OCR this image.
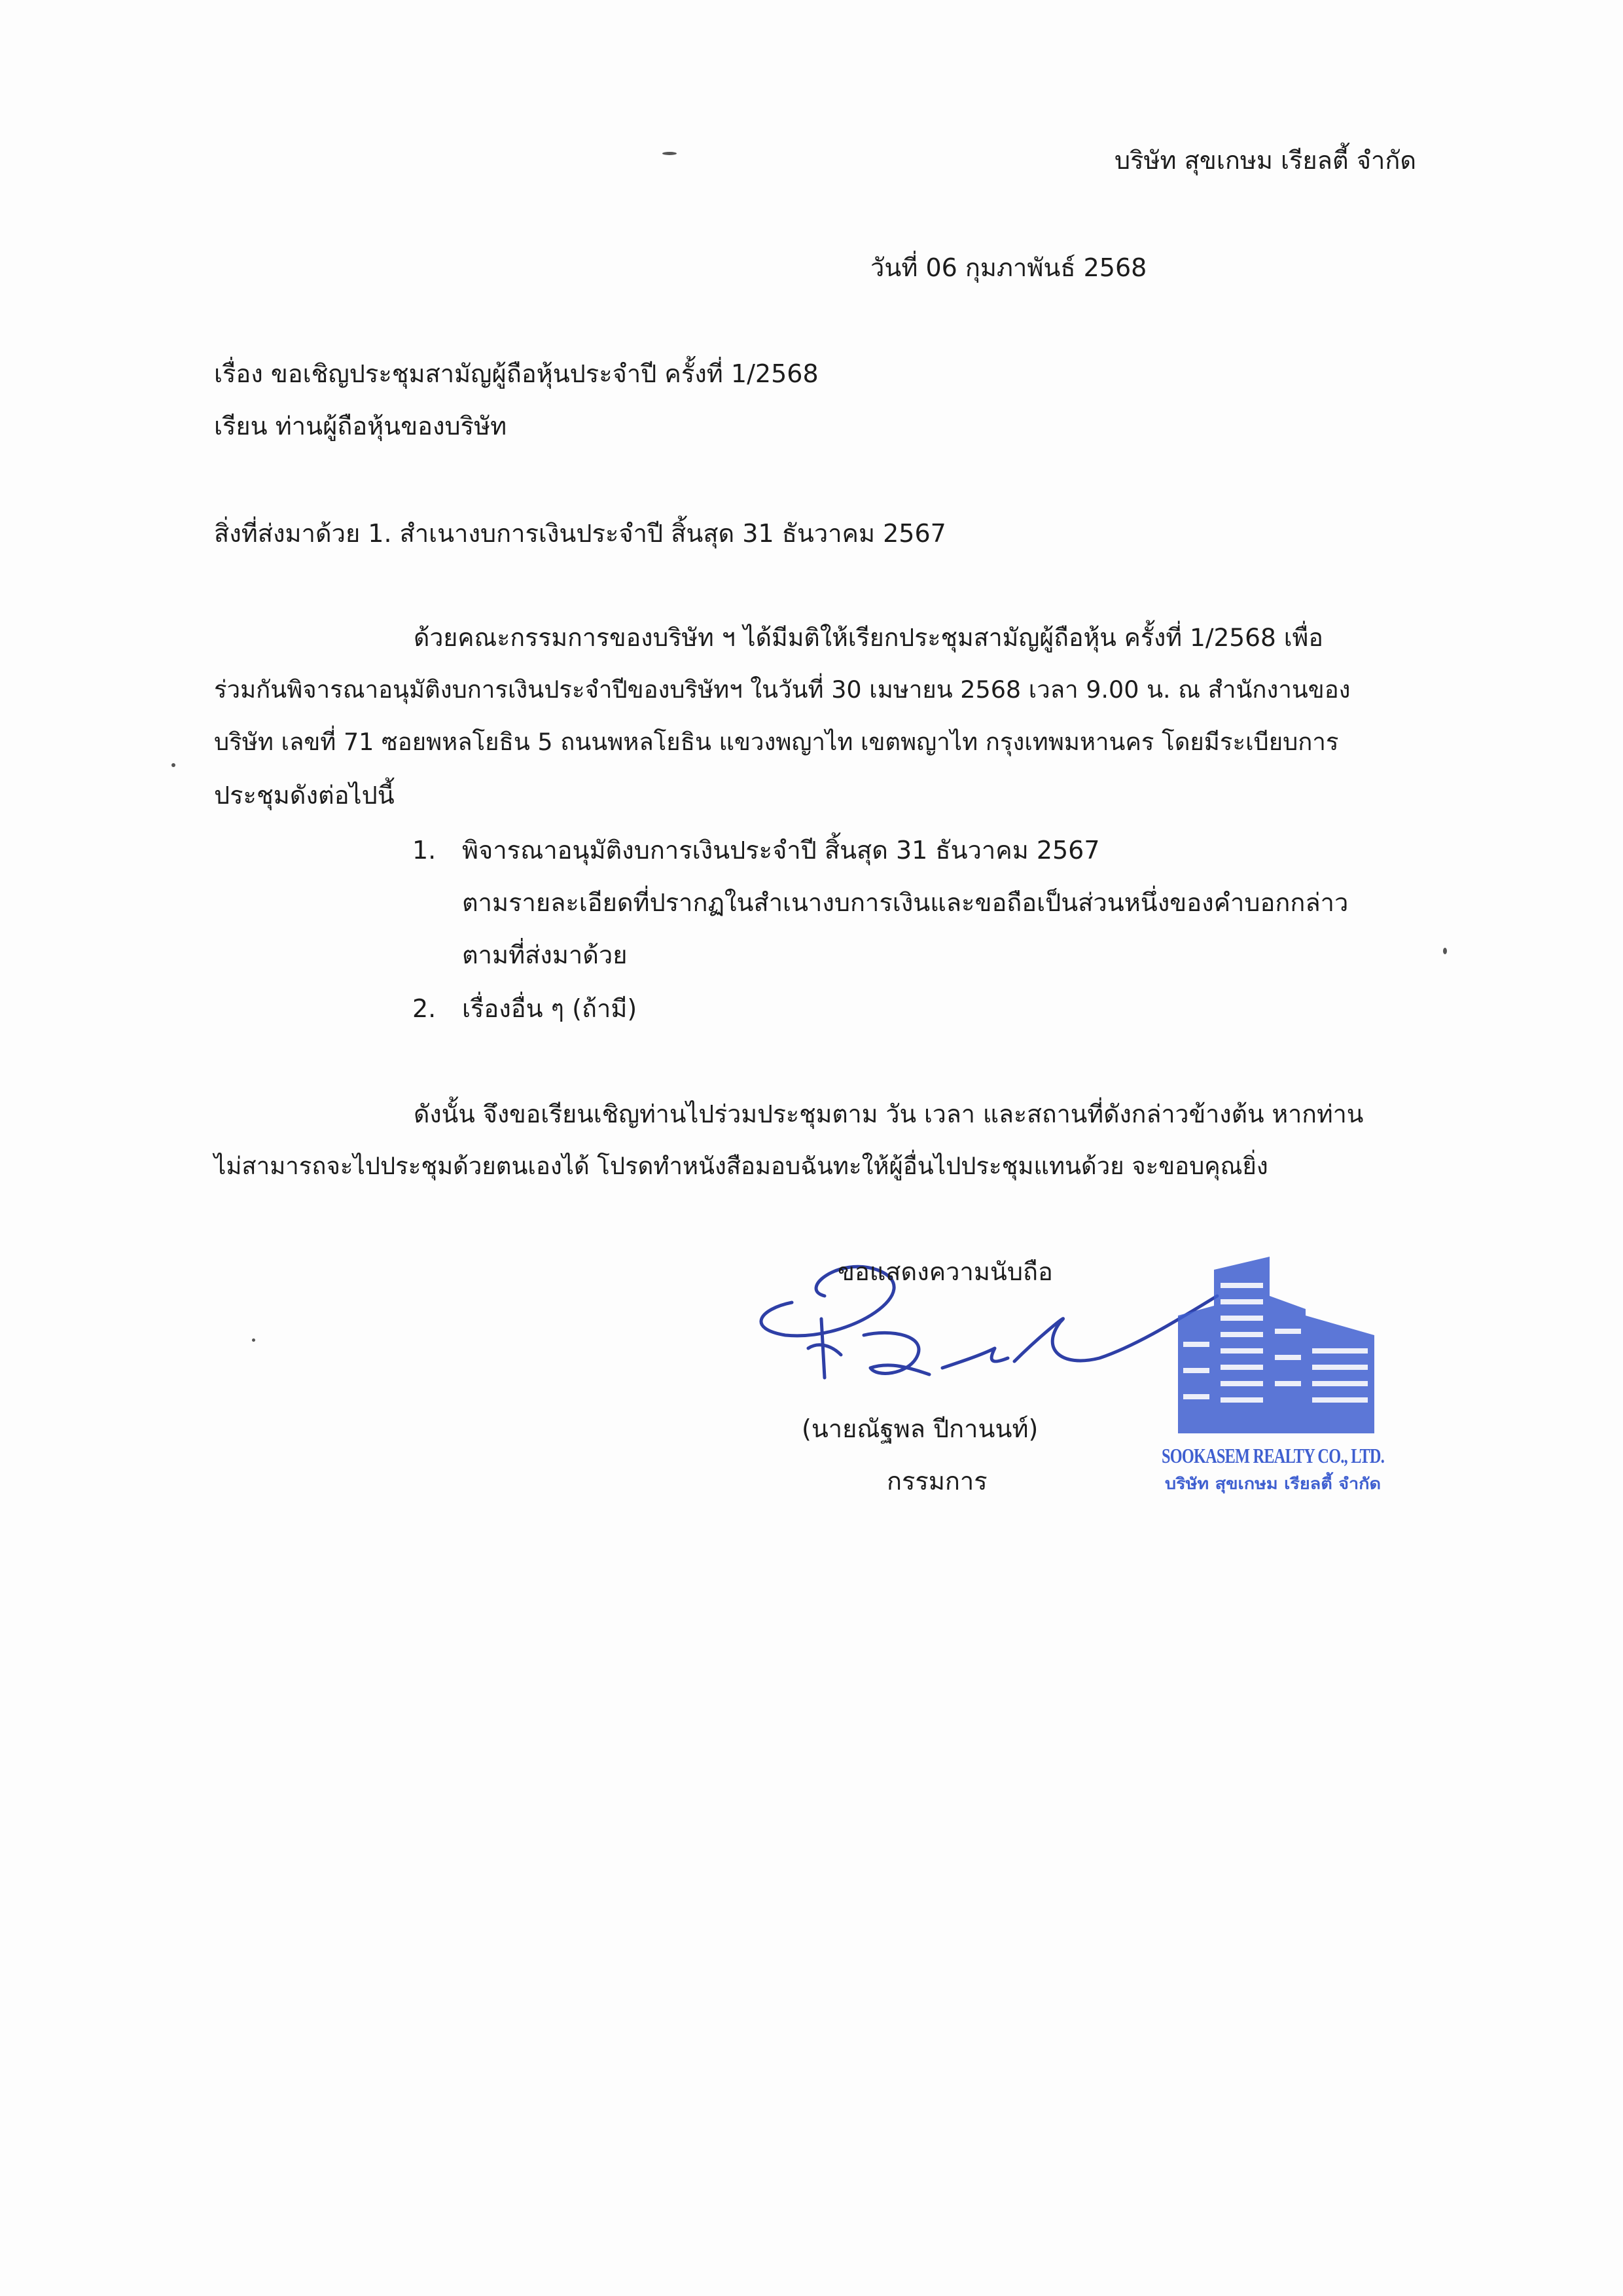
บริษัท สุขเกษม เรียลตี้ จำกัด
วันที่ 06 กุมภาพันธ์ 2568
เรื่อง ขอเชิญประชุมสามัญผู้ถือหุ้นประจำปี ครั้งที่ 1/2568
เรียน ท่านผู้ถือหุ้นของบริษัท
สิ่งที่ส่งมาด้วย 1. สำเนางบการเงินประจำปี สิ้นสุด 31 ธันวาคม 2567
ด้วยคณะกรรมการของบริษัท ฯ ได้มีมติให้เรียกประชุมสามัญผู้ถือหุ้น ครั้งที่ 1/2568 เพื่อ
ร่วมกันพิจารณาอนุมัติงบการเงินประจำปีของบริษัทฯ ในวันที่ 30 เมษายน 2568 เวลา 9.00 น. ณ สำนักงานของ
บริษัท เลขที่ 71 ซอยพหลโยธิน 5 ถนนพหลโยธิน แขวงพญาไท เขตพญาไท กรุงเทพมหานคร โดยมีระเบียบการ
ประชุมดังต่อไปนี้
1. พิจารณาอนุมัติงบการเงินประจำปี สิ้นสุด 31 ธันวาคม 2567
ตามรายละเอียดที่ปรากฏในสำเนางบการเงินและขอถือเป็นส่วนหนึ่งของคำบอกกล่าว
ตามที่ส่งมาด้วย
2. เรื่องอื่น ๆ (ถ้ามี)
ดังนั้น จึงขอเรียนเชิญท่านไปร่วมประชุมตาม วัน เวลา และสถานที่ดังกล่าวข้างต้น หากท่าน
ไม่สามารถจะไปประชุมด้วยตนเองได้ โปรดทำหนังสือมอบฉันทะให้ผู้อื่นไปประชุมแทนด้วย จะขอบคุณยิ่ง
ขอแสดงความนับถือ
(นายณัฐพล ปีกานนท์)
กรรมการ
SOOKASEM REALTY CO., LTD.
บริษัท สุขเกษม เรียลตี้ จำกัด
